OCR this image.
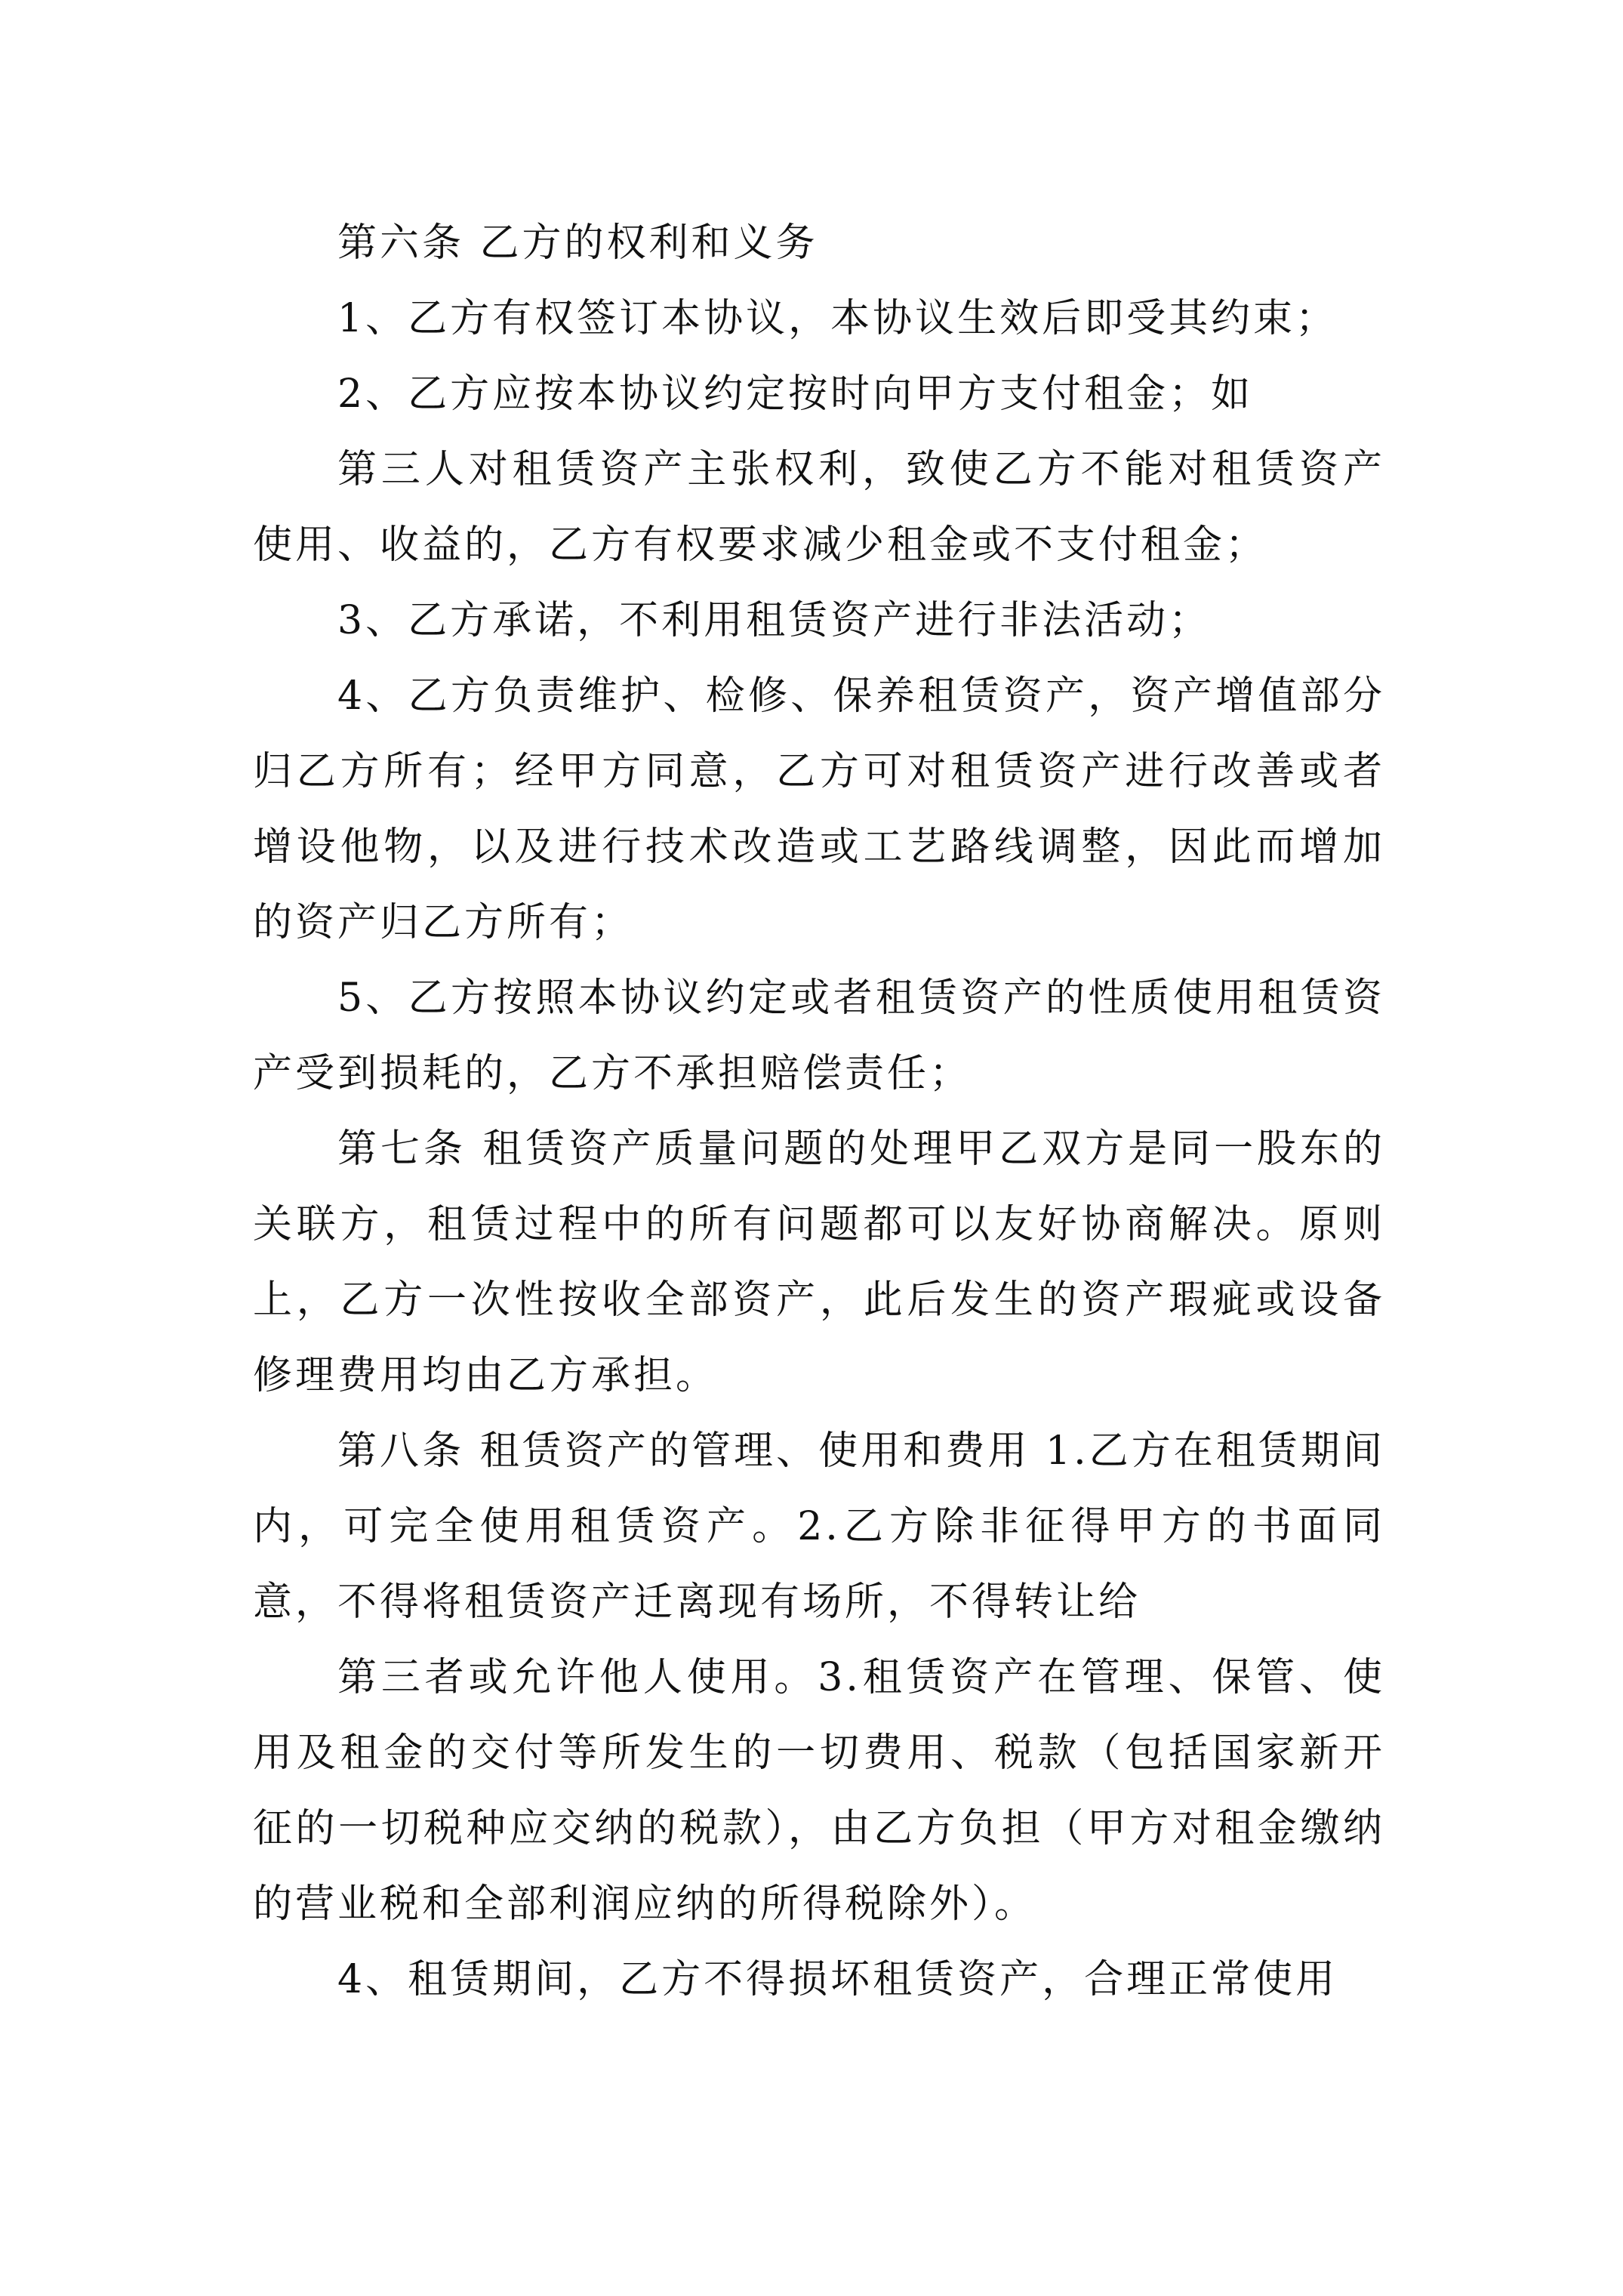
第六条 乙方的权利和义务

1、乙方有权签订本协议，本协议生效后即受其约束；

2、乙方应按本协议约定按时向甲方支付租金；如

第三人对租赁资产主张权利，致使乙方不能对租赁资产使用、收益的，乙方有权要求减少租金或不支付租金；

3、乙方承诺，不利用租赁资产进行非法活动；

4、乙方负责维护、检修、保养租赁资产，资产增值部分归乙方所有；经甲方同意，乙方可对租赁资产进行改善或者增设他物，以及进行技术改造或工艺路线调整，因此而增加的资产归乙方所有；

5、乙方按照本协议约定或者租赁资产的性质使用租赁资产受到损耗的，乙方不承担赔偿责任；

第七条 租赁资产质量问题的处理甲乙双方是同一股东的关联方，租赁过程中的所有问题都可以友好协商解决。原则上，乙方一次性按收全部资产，此后发生的资产瑕疵或设备修理费用均由乙方承担。

第八条 租赁资产的管理、使用和费用 1.乙方在租赁期间内，可完全使用租赁资产。2.乙方除非征得甲方的书面同意，不得将租赁资产迁离现有场所，不得转让给

第三者或允许他人使用。3.租赁资产在管理、保管、使用及租金的交付等所发生的一切费用、税款（包括国家新开征的一切税种应交纳的税款），由乙方负担（甲方对租金缴纳的营业税和全部利润应纳的所得税除外）。

4、租赁期间，乙方不得损坏租赁资产，合理正常使用
